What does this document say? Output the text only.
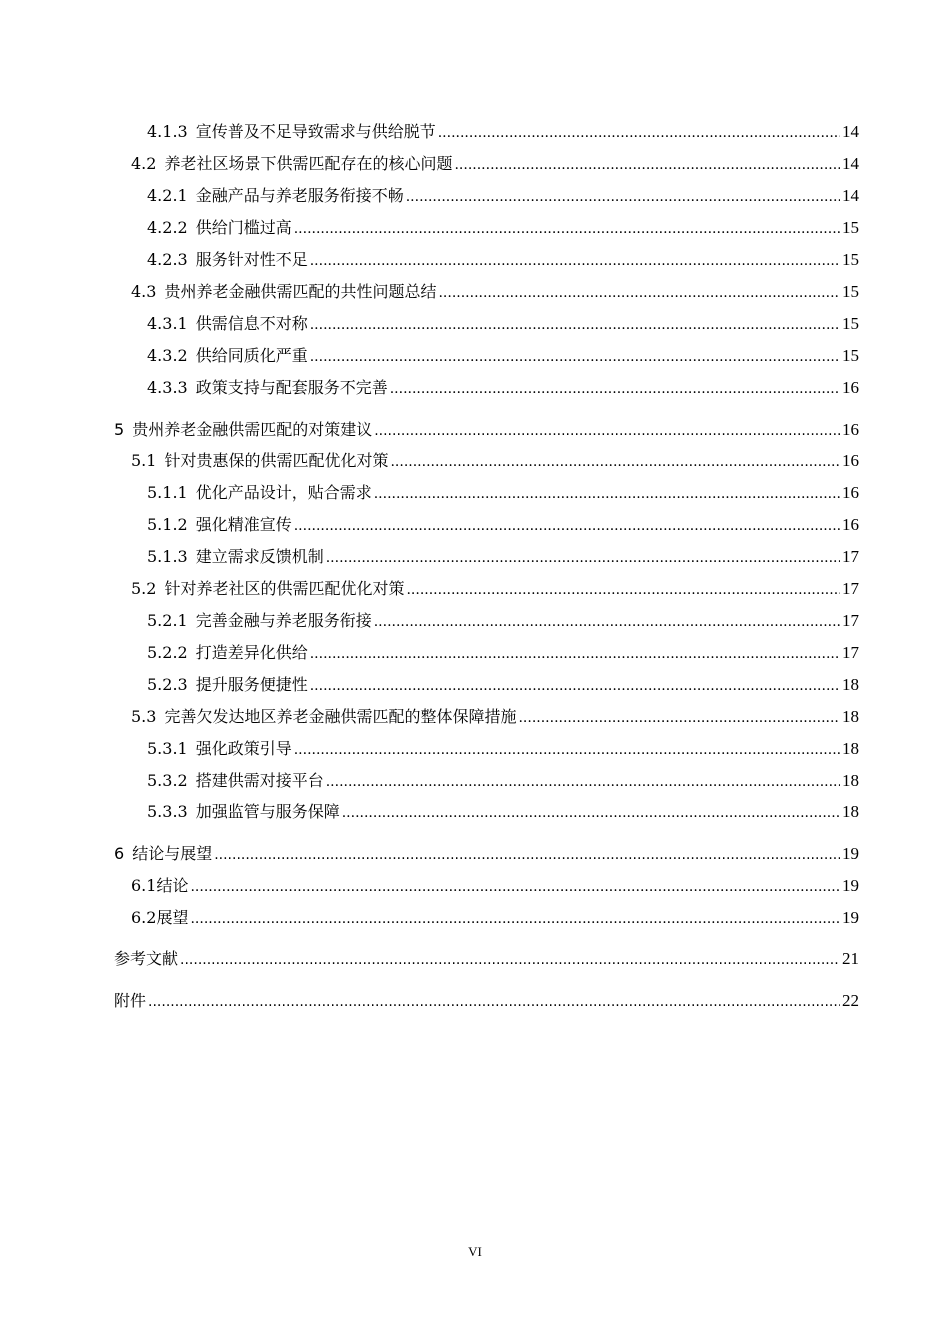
4.1.3 宣传普及不足导致需求与供给脱节 .....	14
4.2 养老社区场景下供需匹配存在的核心问题 .....	14
4.2.1 金融产品与养老服务衔接不畅 .....	14
4.2.2 供给门槛过高 .....	15
4.2.3 服务针对性不足 .....	15
4.3 贵州养老金融供需匹配的共性问题总结 .....	15
4.3.1 供需信息不对称 .....	15
4.3.2 供给同质化严重 .....	15
4.3.3 政策支持与配套服务不完善 .....	16
5 贵州养老金融供需匹配的对策建议 .....	16
5.1 针对贵惠保的供需匹配优化对策 .....	16
5.1.1 优化产品设计，贴合需求 .....	16
5.1.2 强化精准宣传 .....	16
5.1.3 建立需求反馈机制 .....	17
5.2 针对养老社区的供需匹配优化对策 .....	17
5.2.1 完善金融与养老服务衔接 .....	17
5.2.2 打造差异化供给 .....	17
5.2.3 提升服务便捷性 .....	18
5.3 完善欠发达地区养老金融供需匹配的整体保障措施 .....	18
5.3.1 强化政策引导 .....	18
5.3.2 搭建供需对接平台 .....	18
5.3.3 加强监管与服务保障 .....	18
6 结论与展望 .....	19
6.1结论 .....	19
6.2展望 .....	19
参考文献 .....	21
附件 .....	22
VI
